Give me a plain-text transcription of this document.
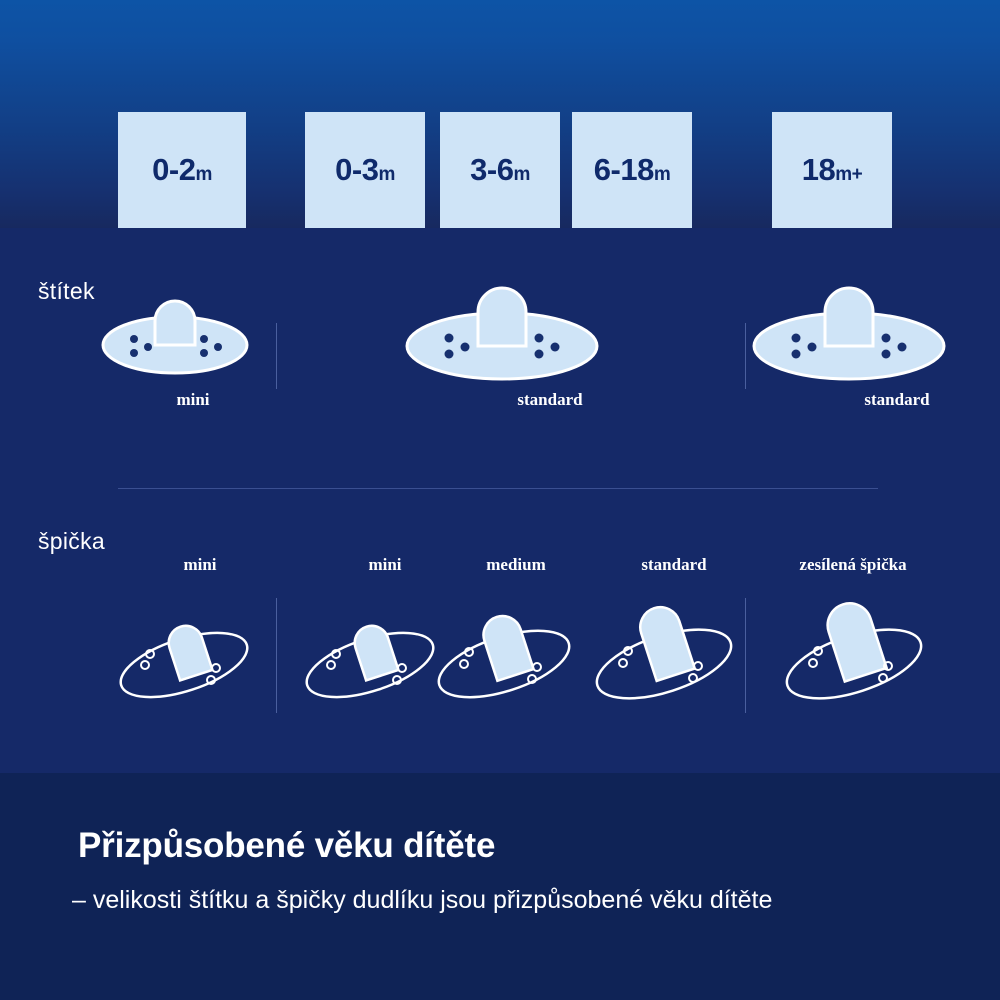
0-2m	0-3m 3-6m 6-18m	18m+
štítek
mini	standard	standard
špička
mini	mini	medium	standard	zesílená špička
Přizpůsobené věku dítěte

– velikosti štítku a špičky dudlíku jsou přizpůsobené věku dítěte
